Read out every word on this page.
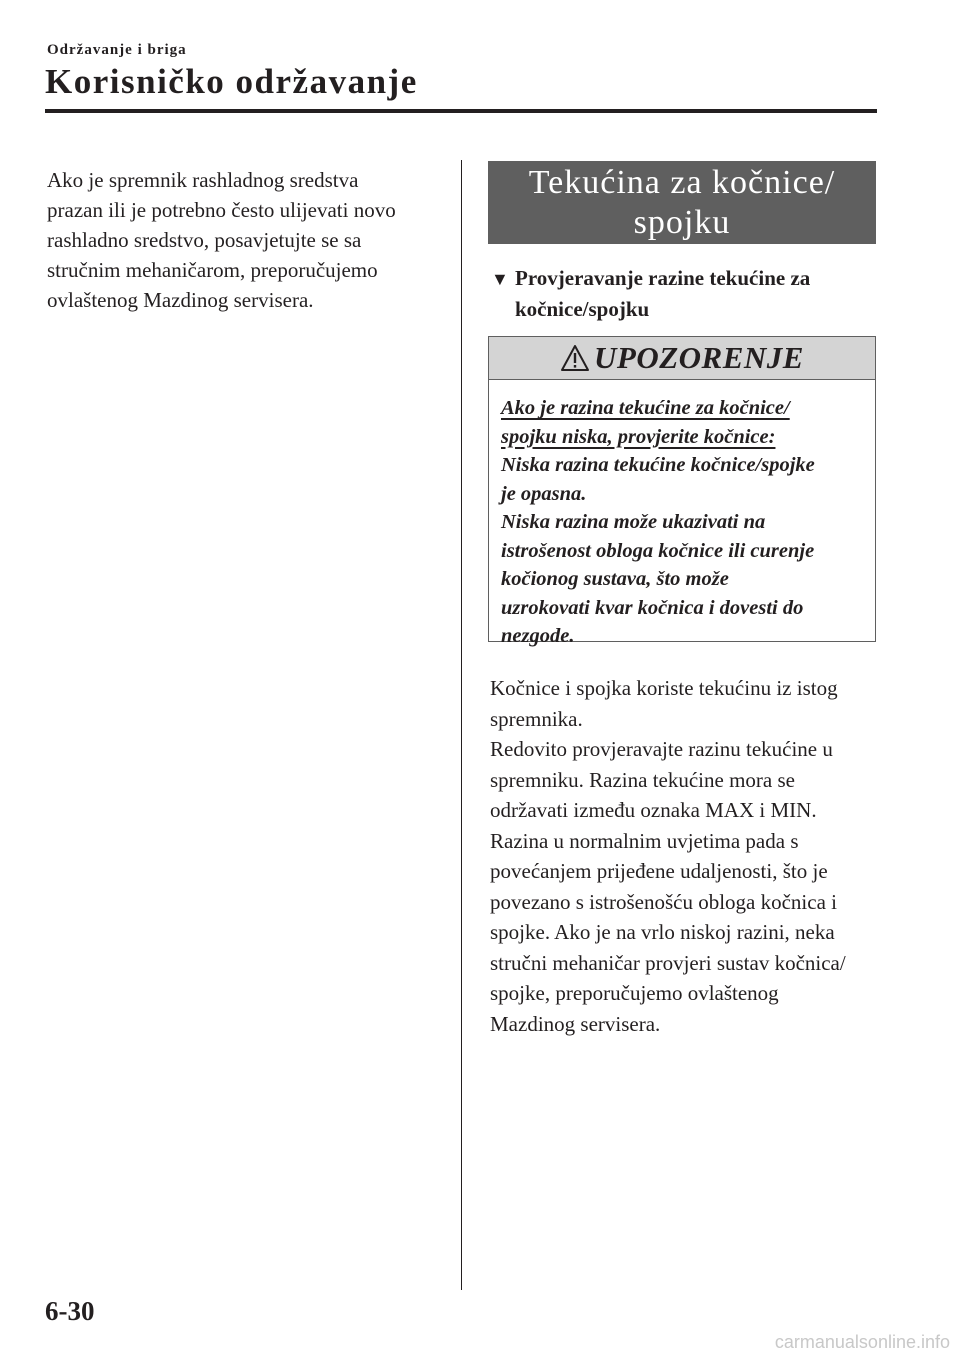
Održavanje i briga
Korisničko održavanje
Ako je spremnik rashladnog sredstva
prazan ili je potrebno često ulijevati novo
rashladno sredstvo, posavjetujte se sa
stručnim mehaničarom, preporučujemo
ovlaštenog Mazdinog servisera.
Tekućina za kočnice/
spojku
▼ Provjeravanje razine tekućine za
kočnice/spojku
UPOZORENJE
Ako je razina tekućine za kočnice/
spojku niska, provjerite kočnice:
Niska razina tekućine kočnice/spojke
je opasna.
Niska razina može ukazivati na
istrošenost obloga kočnice ili curenje
kočionog sustava, što može
uzrokovati kvar kočnica i dovesti do
nezgode.
Kočnice i spojka koriste tekućinu iz istog
spremnika.
Redovito provjeravajte razinu tekućine u
spremniku. Razina tekućine mora se
održavati između oznaka MAX i MIN.
Razina u normalnim uvjetima pada s
povećanjem prijeđene udaljenosti, što je
povezano s istrošenošću obloga kočnica i
spojke. Ako je na vrlo niskoj razini, neka
stručni mehaničar provjeri sustav kočnica/
spojke, preporučujemo ovlaštenog
Mazdinog servisera.
6-30
carmanualsonline.info
